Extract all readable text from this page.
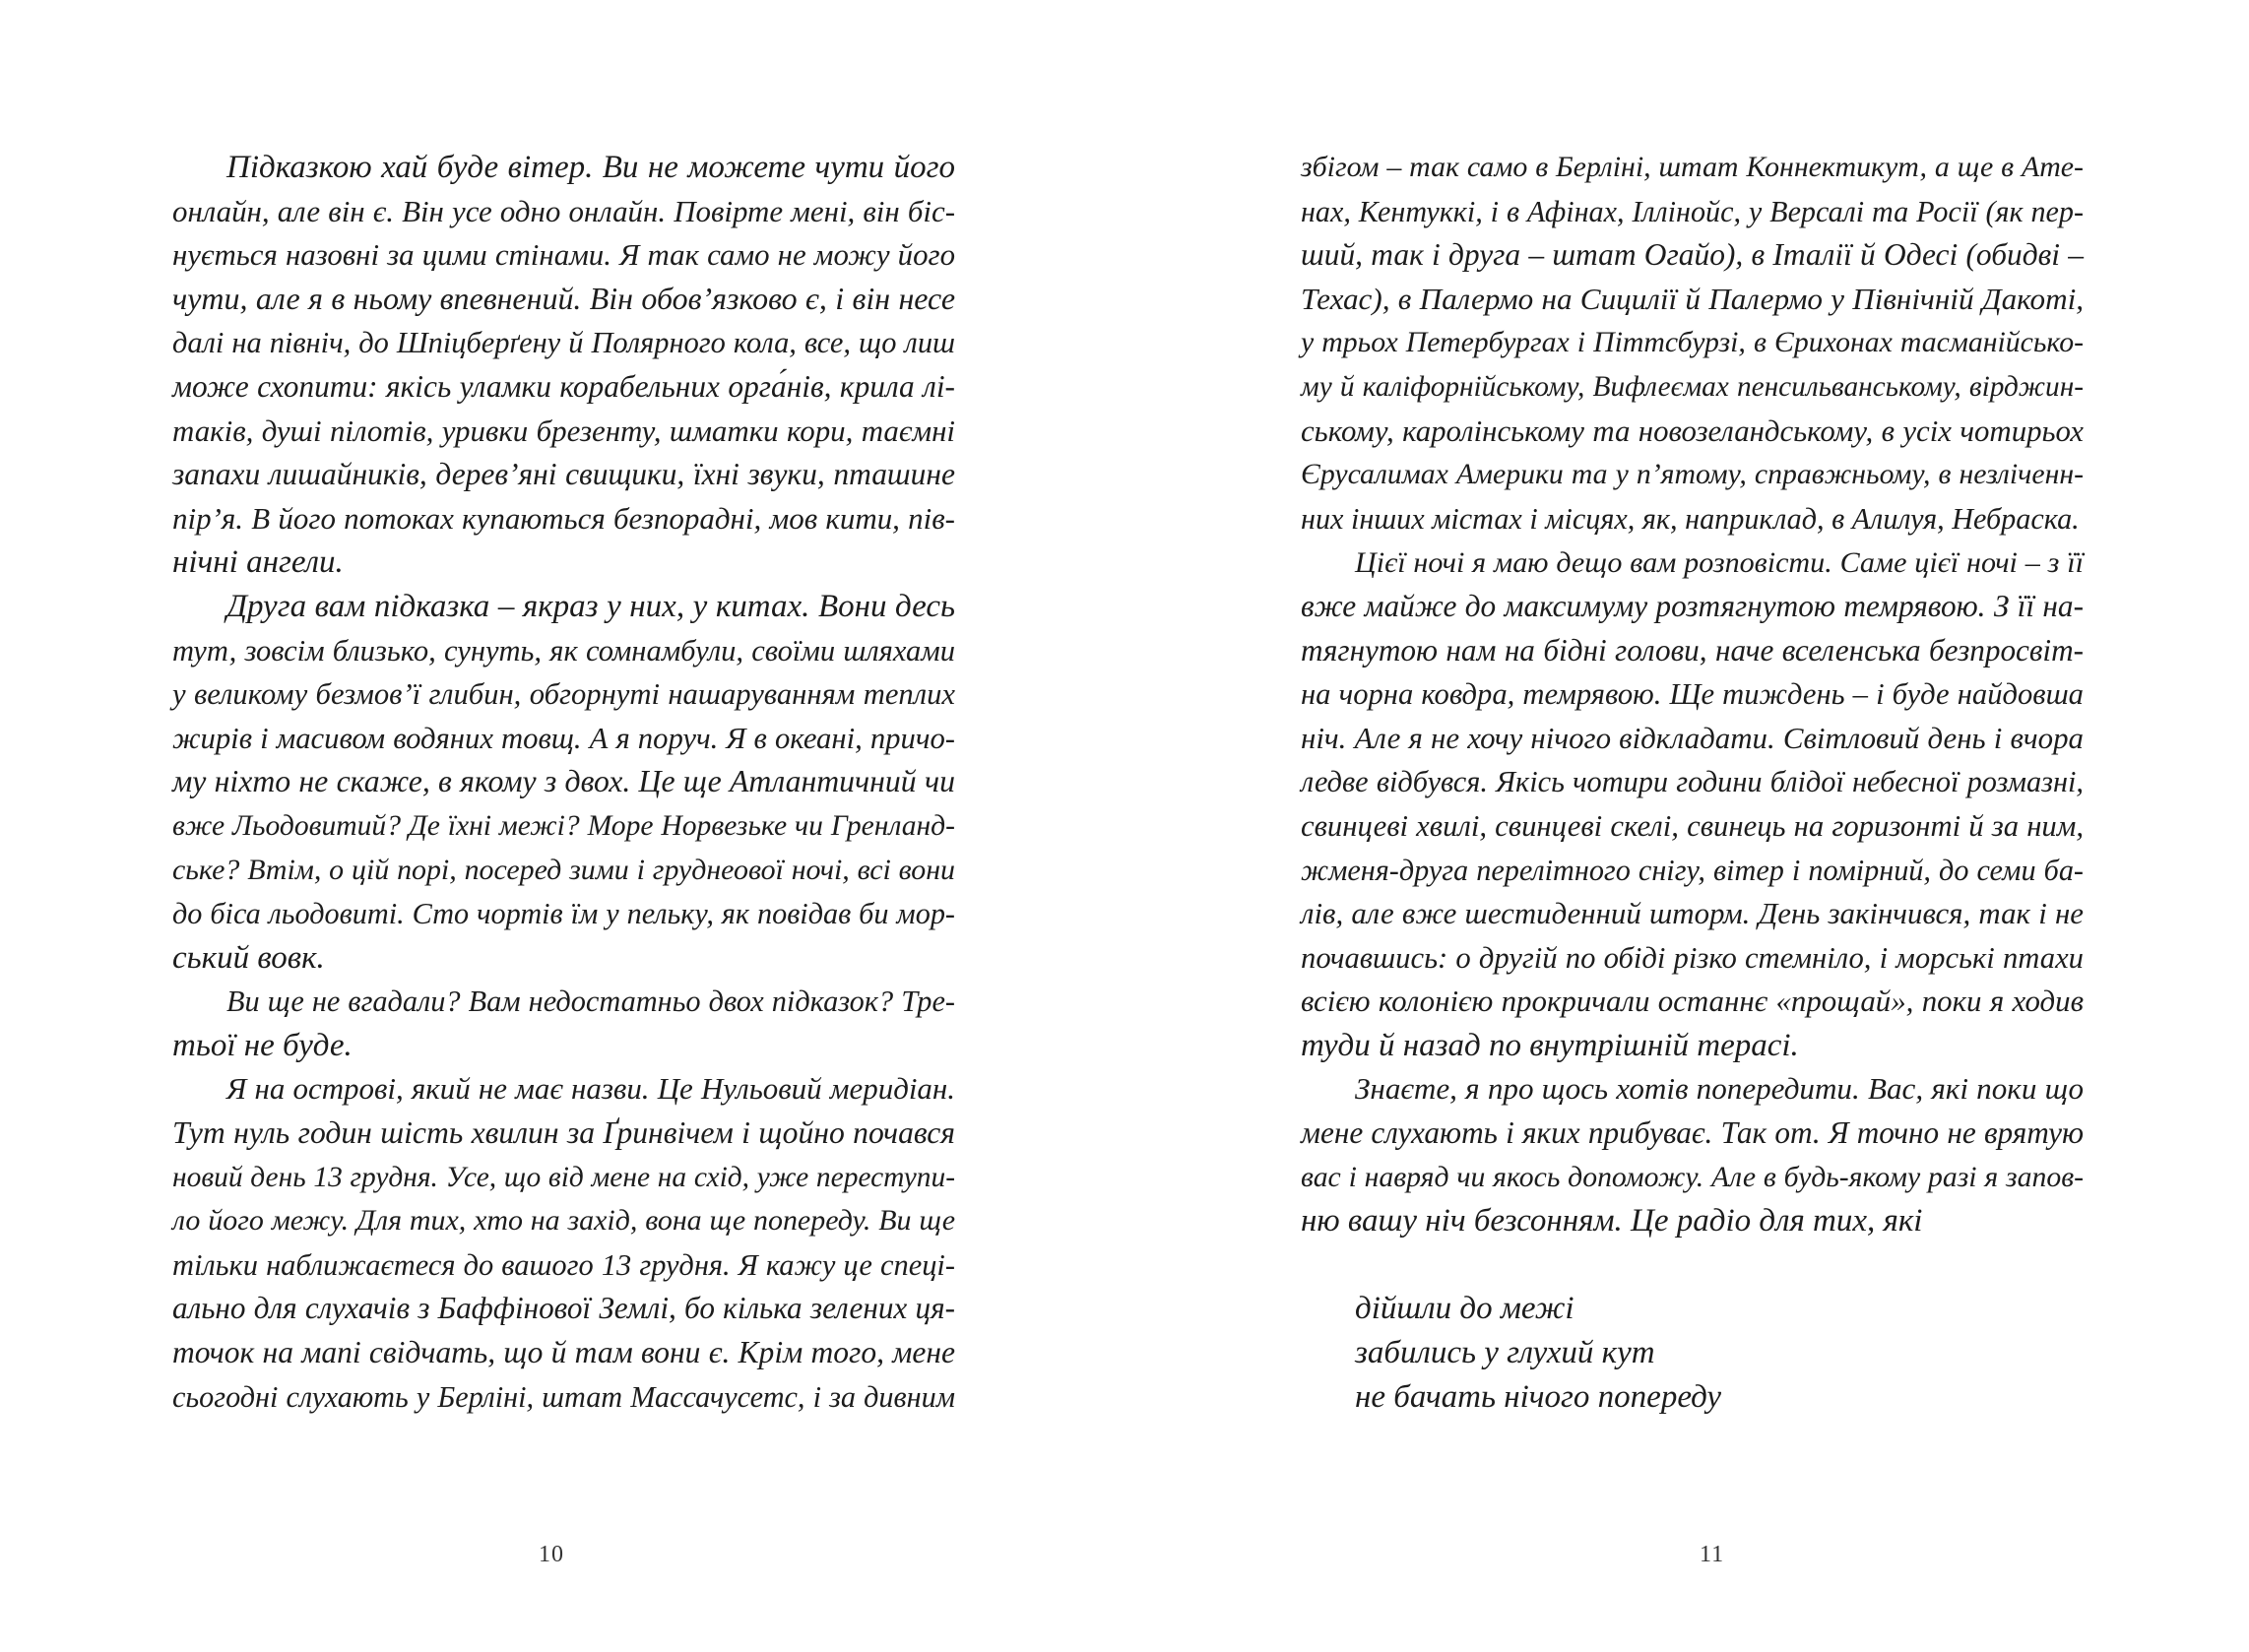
Підказкою хай буде вітер. Ви не можете чути його
онлайн, але він є. Він усе одно онлайн. Повірте мені, він біс-
нується назовні за цими стінами. Я так само не можу його
чути, але я в ньому впевнений. Він обов’язково є, і він несе
далі на північ, до Шпіцберґену й Полярного кола, все, що лиш
може схопити: якісь уламки корабельних орга́нів, крила лі-
таків, душі пілотів, уривки брезенту, шматки кори, таємні
запахи лишайників, дерев’яні свищики, їхні звуки, пташине
пір’я. В його потоках купаються безпорадні, мов кити, пів-
нічні ангели.
Друга вам підказка – якраз у них, у китах. Вони десь
тут, зовсім близько, сунуть, як сомнамбули, своїми шляхами
у великому безмов’ї глибин, обгорнуті нашаруванням теплих
жирів і масивом водяних товщ. А я поруч. Я в океані, причо-
му ніхто не скаже, в якому з двох. Це ще Атлантичний чи
вже Льодовитий? Де їхні межі? Море Норвезьке чи Гренланд-
ське? Втім, о цій порі, посеред зими і груднеової ночі, всі вони
до біса льодовиті. Сто чортів їм у пельку, як повідав би мор-
ський вовк.
Ви ще не вгадали? Вам недостатньо двох підказок? Тре-
тьої не буде.
Я на острові, який не має назви. Це Нульовий меридіан.
Тут нуль годин шість хвилин за Ґринвічем і щойно почався
новий день 13 грудня. Усе, що від мене на схід, уже переступи-
ло його межу. Для тих, хто на захід, вона ще попереду. Ви ще
тільки наближаєтеся до вашого 13 грудня. Я кажу це спеці-
ально для слухачів з Баффінової Землі, бо кілька зелених ця-
точок на мапі свідчать, що й там вони є. Крім того, мене
сьогодні слухають у Берліні, штат Массачусетс, і за дивним
10
збігом – так само в Берліні, штат Коннектикут, а ще в Ате-
нах, Кентуккі, і в Афінах, Іллінойс, у Версалі та Росії (як пер-
ший, так і друга – штат Огайо), в Італії й Одесі (обидві –
Техас), в Палермо на Сицилії й Палермо у Північній Дакоті,
у трьох Петербургах і Піттсбурзі, в Єрихонах тасманійсько-
му й каліфорнійському, Вифлеємах пенсильванському, вірджин-
ському, каролінському та новозеландському, в усіх чотирьох
Єрусалимах Америки та у п’ятому, справжньому, в незліченн-
них інших містах і місцях, як, наприклад, в Алилуя, Небраска.
Цієї ночі я маю дещо вам розповісти. Саме цієї ночі – з її
вже майже до максимуму розтягнутою темрявою. З її на-
тягнутою нам на бідні голови, наче вселенська безпросвіт-
на чорна ковдра, темрявою. Ще тиждень – і буде найдовша
ніч. Але я не хочу нічого відкладати. Світловий день і вчора
ледве відбувся. Якісь чотири години блідої небесної розмазні,
свинцеві хвилі, свинцеві скелі, свинець на горизонті й за ним,
жменя-друга перелітного снігу, вітер і помірний, до семи ба-
лів, але вже шестиденний шторм. День закінчився, так і не
почавшись: о другій по обіді різко стемніло, і морські птахи
всією колонією прокричали останнє «прощай», поки я ходив
туди й назад по внутрішній терасі.
Знаєте, я про щось хотів попередити. Вас, які поки що
мене слухають і яких прибуває. Так от. Я точно не врятую
вас і навряд чи якось допоможу. Але в будь-якому разі я запов-
ню вашу ніч безсонням. Це радіо для тих, які
дійшли до межі
забились у глухий кут
не бачать нічого попереду
11
